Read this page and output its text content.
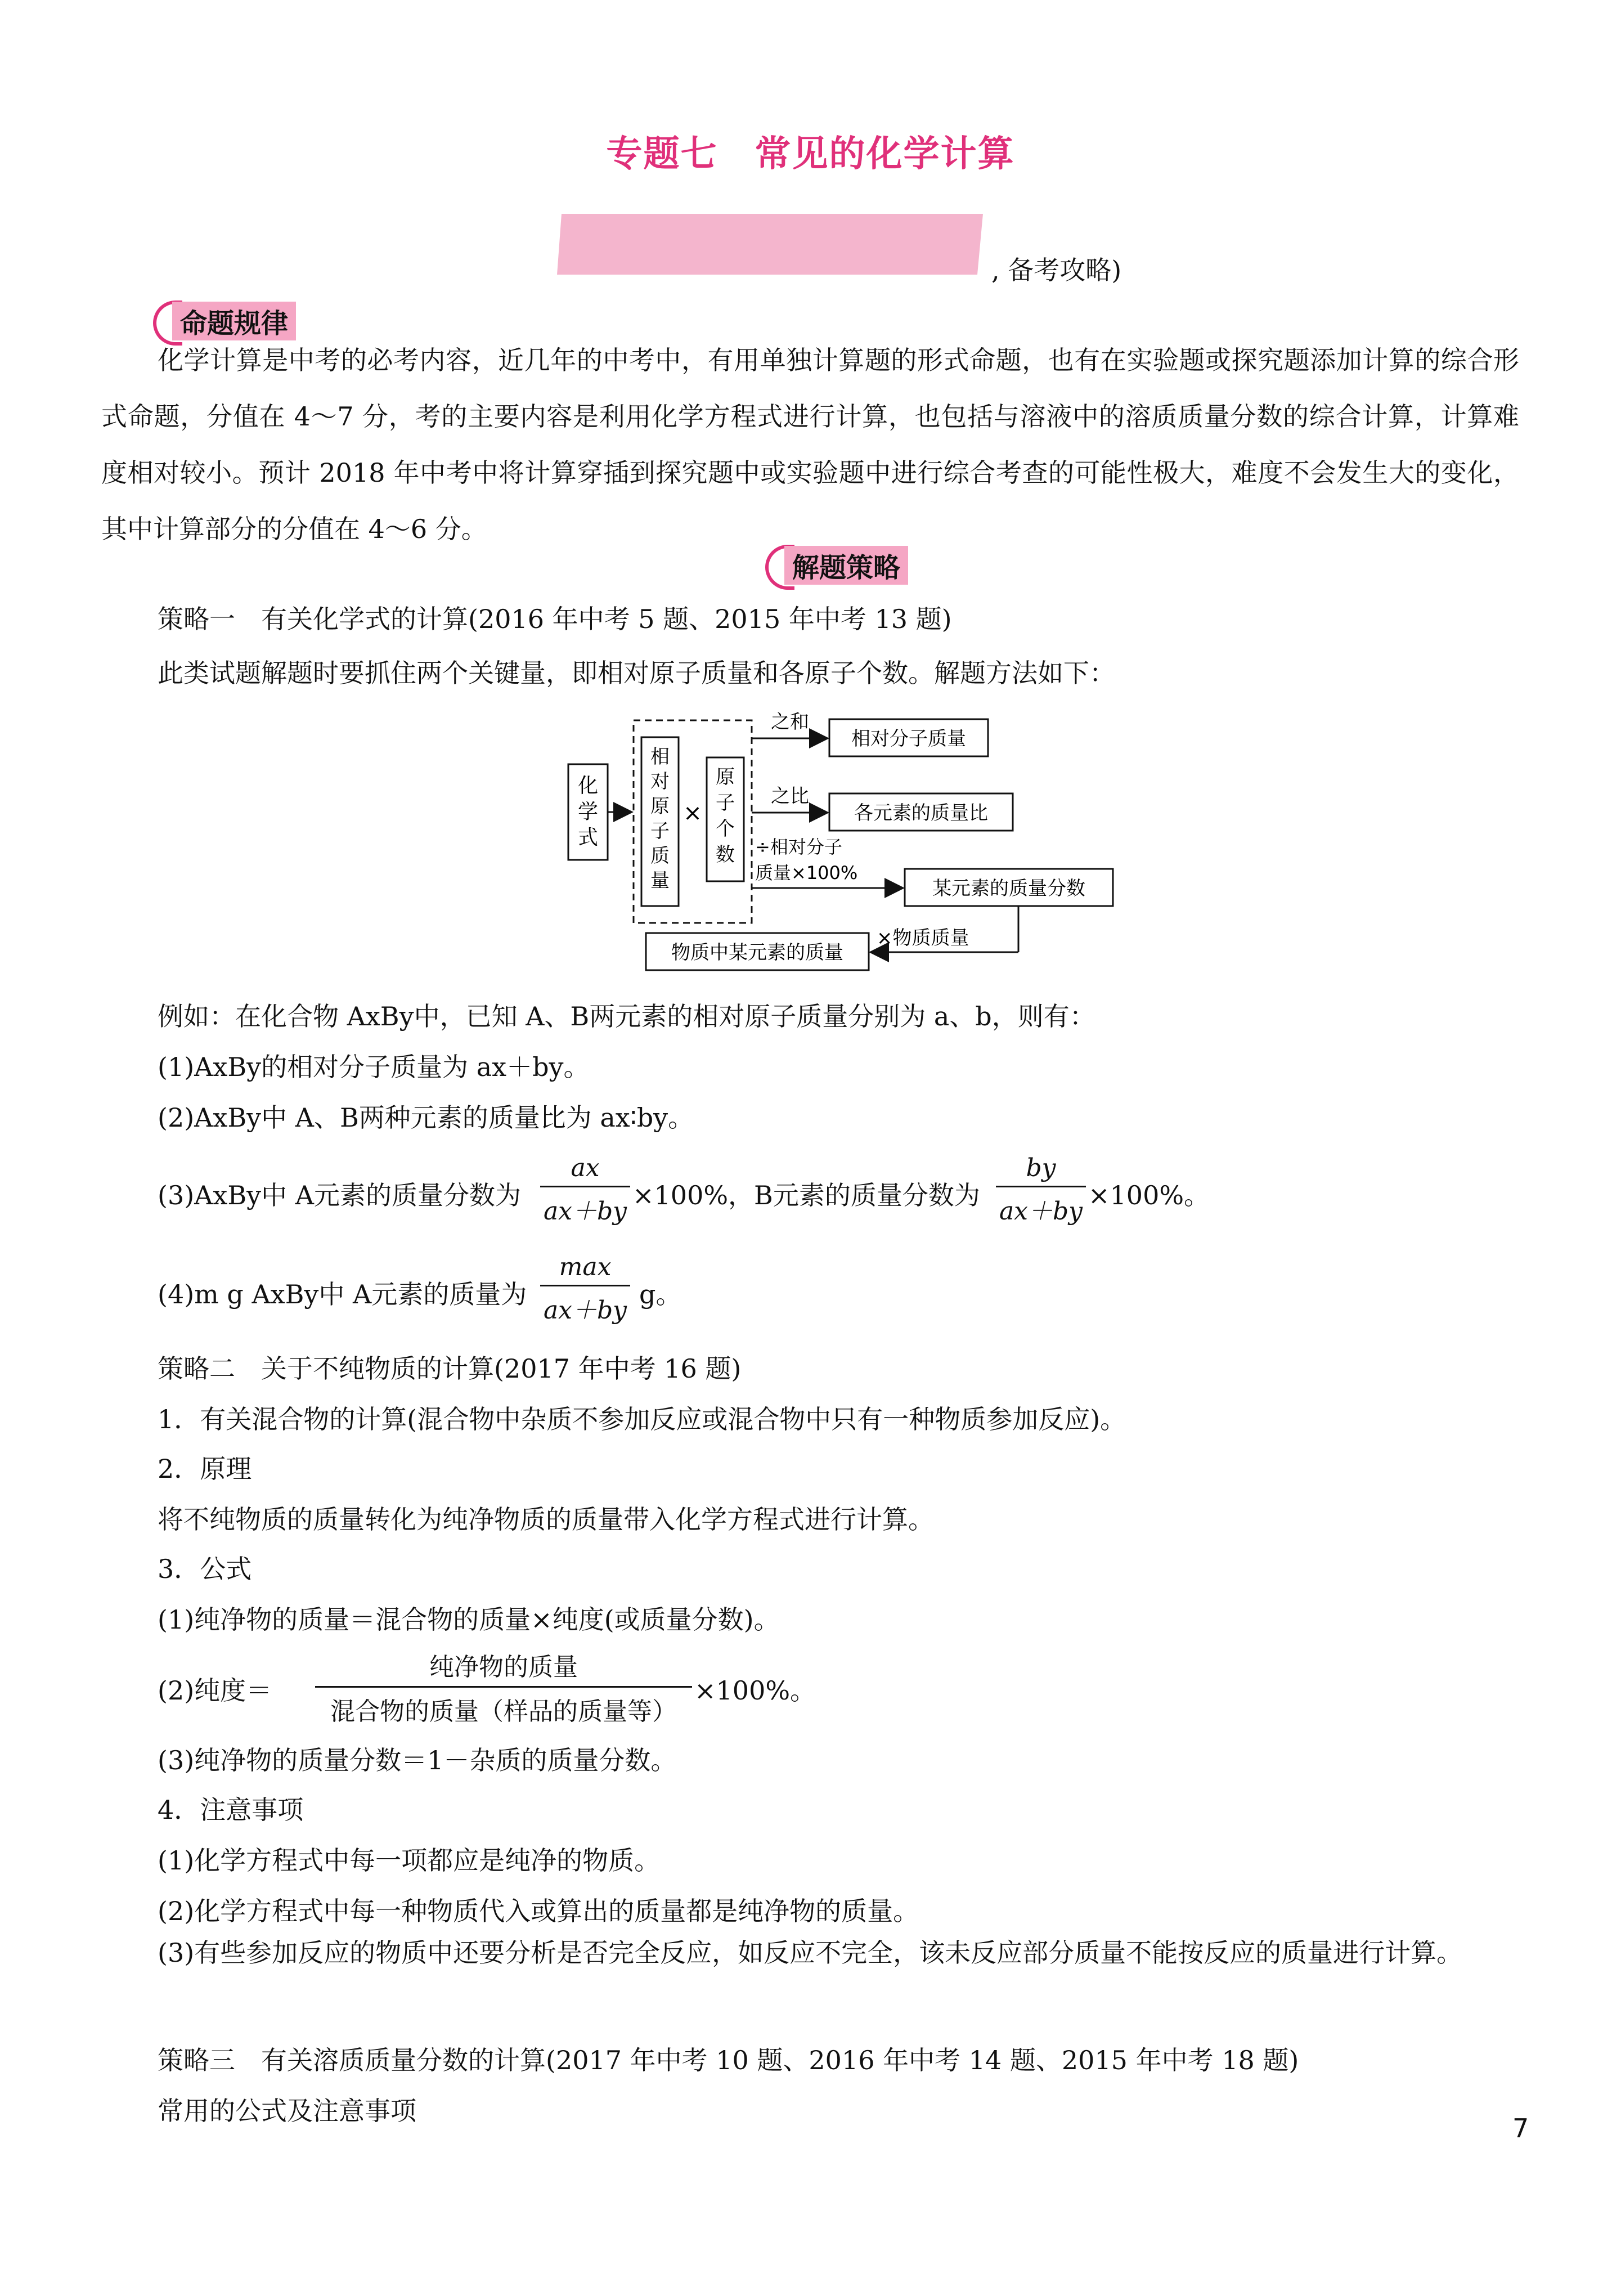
专题七　常见的化学计算
, 备考攻略)
命题规律
化学计算是中考的必考内容，近几年的中考中，有用单独计算题的形式命题，也有在实验题或探究题添加计算的综合形式命题，分值在 4～7 分，考的主要内容是利用化学方程式进行计算，也包括与溶液中的溶质质量分数的综合计算，计算难度相对较小。预计 2018 年中考中将计算穿插到探究题中或实验题中进行综合考查的可能性极大，难度不会发生大的变化，其中计算部分的分值在 4～6 分。
解题策略
策略一　有关化学式的计算(2016 年中考 5 题、2015 年中考 13 题)
此类试题解题时要抓住两个关键量，即相对原子质量和各原子个数。解题方法如下：
化
学
式
相
对
原
子
质
量
×
原
子
个
数
之和
相对分子质量
之比
各元素的质量比
÷相对分子
质量×100%
某元素的质量分数
×物质质量
物质中某元素的质量
例如：在化合物 AxBy中，已知 A、B两元素的相对原子质量分别为 a、b，则有：
(1)AxBy的相对分子质量为 ax＋by。
(2)AxBy中 A、B两种元素的质量比为 ax∶by。
(3)AxBy中 A元素的质量分数为
ax
ax＋by
×100%，B元素的质量分数为
by
ax＋by
×100%。
(4)m g AxBy中 A元素的质量为
max
ax＋by
g。
策略二　关于不纯物质的计算(2017 年中考 16 题)
1．有关混合物的计算(混合物中杂质不参加反应或混合物中只有一种物质参加反应)。
2．原理
将不纯物质的质量转化为纯净物质的质量带入化学方程式进行计算。
3．公式
(1)纯净物的质量＝混合物的质量×纯度(或质量分数)。
(2)纯度＝
纯净物的质量
混合物的质量（样品的质量等）
×100%。
(3)纯净物的质量分数＝1－杂质的质量分数。
4．注意事项
(1)化学方程式中每一项都应是纯净的物质。
(2)化学方程式中每一种物质代入或算出的质量都是纯净物的质量。
(3)有些参加反应的物质中还要分析是否完全反应，如反应不完全，该未反应部分质量不能按反应的质量进行计算。
策略三　有关溶质质量分数的计算(2017 年中考 10 题、2016 年中考 14 题、2015 年中考 18 题)
常用的公式及注意事项
7
